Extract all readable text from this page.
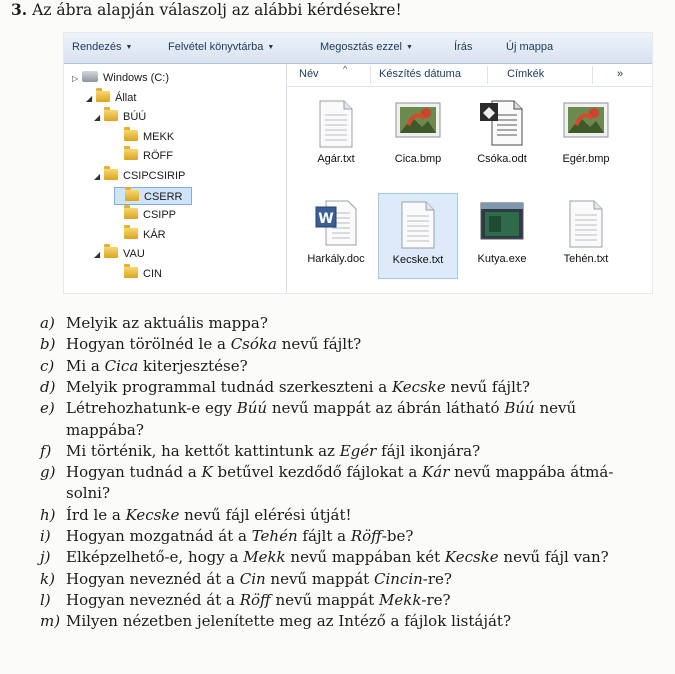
3. Az ábra alapján válaszolj az alábbi kérdésekre!
Rendezés ▼	Felvétel könyvtárba ▼	Megosztás ezzel ▼	Írás	Új mappa
▷ Windows (C:)
◢ Állat
◢ BÚÚ
MEKK
RÖFF
◢ CSIPCSIRIP
CSERR
CSIPP
KÁR
◢ VAU
CIN
Név	^	Készítés dátuma	Címkék	»
Agár.txt	Cica.bmp	Csóka.odt	Egér.bmp
W
Harkály.doc	Kecske.txt	Kutya.exe	Tehén.txt
a) Melyik az aktuális mappa?
b) Hogyan törölnéd le a Csóka nevű fájlt?
c) Mi a Cica kiterjesztése?
d) Melyik programmal tudnád szerkeszteni a Kecske nevű fájlt?
e) Létrehozhatunk-e egy Búú nevű mappát az ábrán látható Búú nevű
mappába?
f) Mi történik, ha kettőt kattintunk az Egér fájl ikonjára?
g) Hogyan tudnád a K betűvel kezdődő fájlokat a Kár nevű mappába átmá-
solni?
h) Írd le a Kecske nevű fájl elérési útját!
i) Hogyan mozgatnád át a Tehén fájlt a Röff-be?
j) Elképzelhető-e, hogy a Mekk nevű mappában két Kecske nevű fájl van?
k) Hogyan neveznéd át a Cin nevű mappát Cincin-re?
l) Hogyan neveznéd át a Röff nevű mappát Mekk-re?
m) Milyen nézetben jelenítette meg az Intéző a fájlok listáját?
